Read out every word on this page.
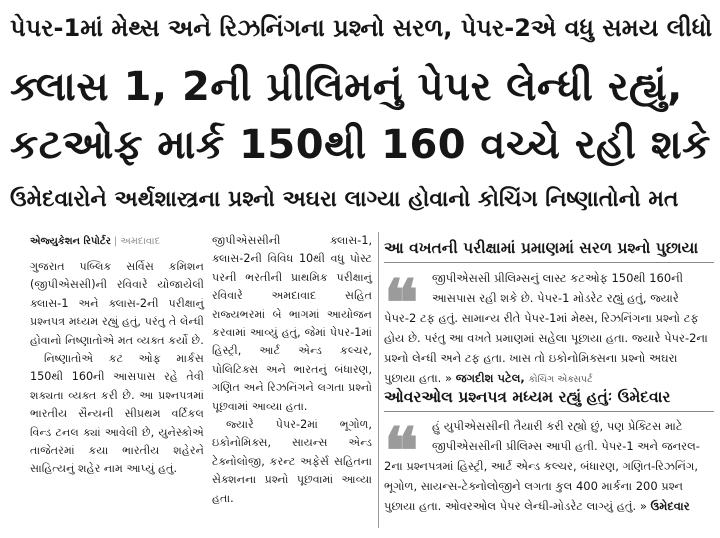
પેપર-1માં મેથ્સ અને રિઝનિંગના પ્રશ્નો સરળ, પેપર-2એ વધુ સમય લીધો
ક્લાસ 1, 2ની પ્રીલિમનું પેપર લેન્ધી રહ્યું,
કટઓફ માર્ક 150થી 160 વચ્ચે રહી શકે
ઉમેદવારોને અર્થશાસ્ત્રના પ્રશ્નો અઘરા લાગ્યા હોવાનો કોચિંગ નિષ્ણાતોનો મત
એજ્યુકેશન રિપોર્ટર | અમદાવાદ

ગુજરાત પબ્લિક સર્વિસ કમિશન (જીપીએસસી)ની રવિવારે યોજાયેલી ક્લાસ-1 અને ક્લાસ-2ની પરીક્ષાનું પ્રશ્નપત્ર મધ્યમ રહ્યું હતું, પરંતુ તે લેન્ધી હોવાનો નિષ્ણાતોએ મત વ્યક્ત કર્યો છે.

નિષ્ણાતોએ કટ ઓફ માર્કસ 150થી 160ની આસપાસ રહે તેવી શક્યતા વ્યક્ત કરી છે. આ પ્રશ્નપત્રમાં ભારતીય સૈન્યની સીપ્રથમ વર્ટિકલ વિન્ડ ટનલ ક્યાં આવેલી છે, યુનેસ્કોએ તાજેતરમાં કયા ભારતીય શહેરને સાહિત્યનું શહેર નામ આપ્યું હતું.

જીપીએસસીની ક્લાસ-1, ક્લાસ-2ની વિવિધ 10થી વધુ પોસ્ટ પરની ભરતીની પ્રાથમિક પરીક્ષાનું રવિવારે અમદાવાદ સહિત રાજ્યભરમાં બે ભાગમાં આયોજન કરવામાં આવ્યું હતું, જેમાં પેપર-1માં હિસ્ટ્રી, આર્ટ એન્ડ કલ્ચર, પોલિટિક્સ અને ભારતનું બંધારણ, ગણિત અને રિઝનિંગને લગતા પ્રશ્નો પૂછવામાં આવ્યા હતા.

જ્યારે પેપર-2માં ભૂગોળ, ઇકોનોમિક્સ, સાયન્સ એન્ડ ટેક્નોલોજી, કરન્ટ અફેર્સ સહિતના સેક્શનના પ્રશ્નો પૂછવામાં આવ્યા હતા.

આ વખતની પરીક્ષામાં પ્રમાણમાં સરળ પ્રશ્નો પુછાયા
❝	જીપીએસસી પ્રીલિમ્સનું લાસ્ટ કટઓફ 150થી 160ની આસપાસ રહી શકે છે. પેપર-1 મોડરેટ રહ્યું હતું, જ્યારે
પેપર-2 ટફ હતું. સામાન્ય રીતે પેપર-1માં મેથ્સ, રિઝનિંગના પ્રશ્નો ટફ હોય છે. પરંતુ આ વખતે પ્રમાણમાં સહેલા પૂછાયા હતા. જ્યારે પેપર-2ના પ્રશ્નો લેન્ધી અને ટફ હતા. ખાસ તો ઇકોનોમિક્સના પ્રશ્નો અઘરા પુછાયા હતા. » જગદીશ પટેલ, કોચિંગ એક્સપર્ટ
ઓવરઓલ પ્રશ્નપત્ર મધ્યમ રહ્યું હતુંઃ ઉમેદવાર
❝	હું યુપીએસસીની તૈયારી કરી રહ્યો છું, પણ પ્રેક્ટિસ માટે જીપીએસસીની પ્રીલિમ્સ આપી હતી. પેપર-1 અને જનરલ-
2ના પ્રશ્નપત્રમાં હિસ્ટ્રી, આર્ટ એન્ડ કલ્ચર, બંધારણ, ગણિત-રિઝનિંગ, ભૂગોળ, સાયન્સ-ટેક્નોલોજીને લગતા કુલ 400 માર્કના 200 પ્રશ્ન પુછાયા હતા. ઓવરઓલ પેપર લેન્ધી-મોડરેટ લાગ્યું હતું. » ઉમેદવાર
